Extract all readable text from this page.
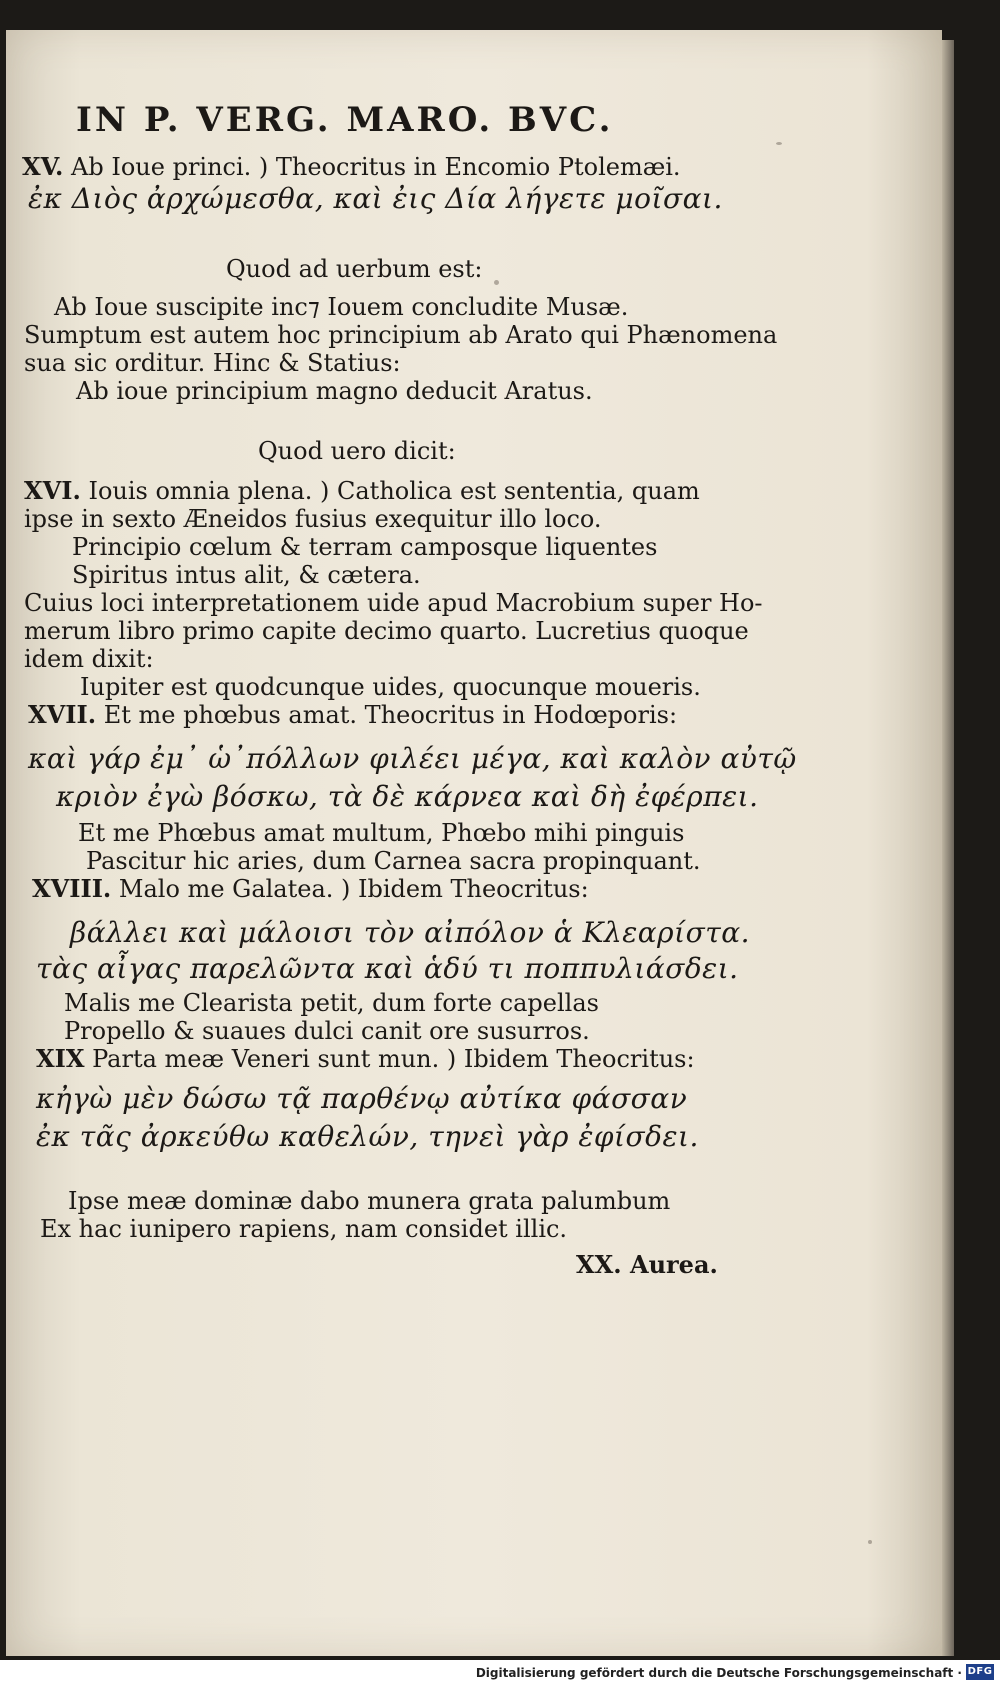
IN P. VERG. MARO. BVC.
XV. Ab Ioue princi. ) Theocritus in Encomio Ptolemæi.
ἐκ Διὸς ἀρχώμεσθα, καὶ ἐις Δία λήγετε μοῖσαι.
Quod ad uerbum est:
Ab Ioue suscipite inc⁊ Iouem concludite Musæ.
Sumptum est autem hoc principium ab Arato qui Phænomena
sua sic orditur. Hinc & Statius:
Ab ioue principium magno deducit Aratus.
Quod uero dicit:
XVI. Iouis omnia plena. ) Catholica est sententia, quam
ipse in sexto Æneidos fusius exequitur illo loco.
Principio cœlum & terram camposque liquentes
Spiritus intus alit, & cætera.
Cuius loci interpretationem uide apud Macrobium super Ho-
merum libro primo capite decimo quarto. Lucretius quoque
idem dixit:
Iupiter est quodcunque uides, quocunque moueris.
XVII. Et me phœbus amat. Theocritus in Hodœporis:
καὶ γάρ ἐμ᾽ ὡ᾽πόλλων φιλέει μέγα, καὶ καλὸν αὐτῷ
κριὸν ἐγὼ βόσκω, τὰ δὲ κάρνεα καὶ δὴ ἐφέρπει.
Et me Phœbus amat multum, Phœbo mihi pinguis
Pascitur hic aries, dum Carnea sacra propinquant.
XVIII. Malo me Galatea. ) Ibidem Theocritus:
βάλλει καὶ μάλοισι τὸν αἰπόλον ἁ Κλεαρίστα.
τὰς αἶγας παρελῶντα καὶ ἁδύ τι ποππυλιάσδει.
Malis me Clearista petit, dum forte capellas
Propello & suaues dulci canit ore susurros.
XIX Parta meæ Veneri sunt mun. ) Ibidem Theocritus:
κἠγὼ μὲν δώσω τᾷ παρθένῳ αὐτίκα φάσσαν
ἐκ τᾶς ἀρκεύθω καθελών, τηνεὶ γὰρ ἐφίσδει.
Ipse meæ dominæ dabo munera grata palumbum
Ex hac iunipero rapiens, nam considet illic.
XX. Aurea.
Digitalisierung gefördert durch die Deutsche Forschungsgemeinschaft · DFG
